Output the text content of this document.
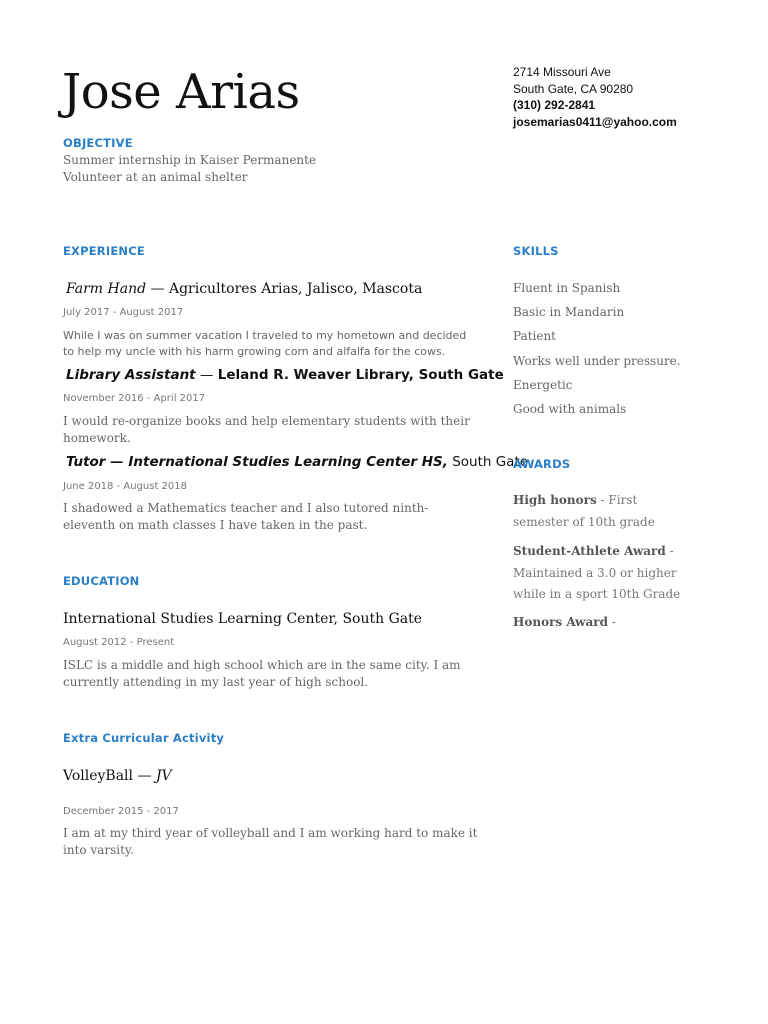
Jose Arias	2714 Missouri Ave
South Gate, CA 90280
(310) 292-2841
josemarias0411@yahoo.com
OBJECTIVE
Summer internship in Kaiser Permanente
Volunteer at an animal shelter
EXPERIENCE
Farm Hand — Agricultores Arias, Jalisco, Mascota
July 2017 - August 2017
While I was on summer vacation I traveled to my hometown and decided to help my uncle with his harm growing corn and alfalfa for the cows.
Library Assistant — Leland R. Weaver Library, South Gate
November 2016 - April 2017
I would re-organize books and help elementary students with their homework.
Tutor — International Studies Learning Center HS, South Gate
June 2018 - August 2018
I shadowed a Mathematics teacher and I also tutored ninth-eleventh on math classes I have taken in the past.
EDUCATION
International Studies Learning Center, South Gate
August 2012 - Present
ISLC is a middle and high school which are in the same city. I am currently attending in my last year of high school.
Extra Curricular Activity
VolleyBall — JV
December 2015 - 2017
I am at my third year of volleyball and I am working hard to make it into varsity.
SKILLS
Fluent in Spanish
Basic in Mandarin
Patient
Works well under pressure.
Energetic
Good with animals
AWARDS
High honors - First semester of 10th grade
Student-Athlete Award - Maintained a 3.0 or higher while in a sport 10th Grade
Honors Award -
